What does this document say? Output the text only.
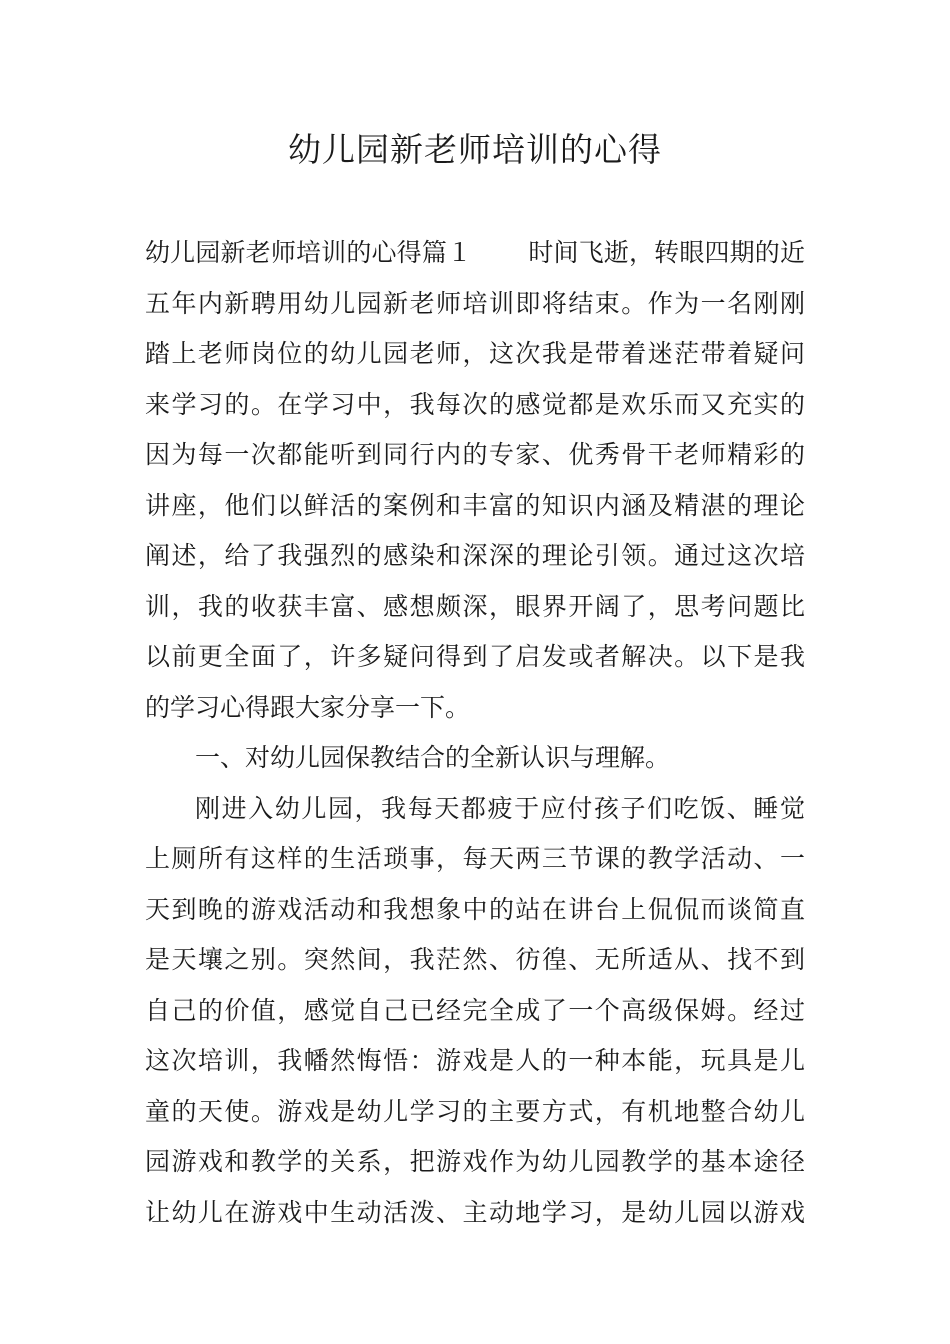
幼儿园新老师培训的心得
幼儿园新老师培训的心得篇１ 时间飞逝，转眼四期的近
五年内新聘用幼儿园新老师培训即将结束。作为一名刚刚
踏上老师岗位的幼儿园老师，这次我是带着迷茫带着疑问
来学习的。在学习中，我每次的感觉都是欢乐而又充实的
因为每一次都能听到同行内的专家、优秀骨干老师精彩的
讲座，他们以鲜活的案例和丰富的知识内涵及精湛的理论
阐述，给了我强烈的感染和深深的理论引领。通过这次培
训，我的收获丰富、感想颇深，眼界开阔了，思考问题比
以前更全面了，许多疑问得到了启发或者解决。以下是我
的学习心得跟大家分享一下。
一、对幼儿园保教结合的全新认识与理解。
刚进入幼儿园，我每天都疲于应付孩子们吃饭、睡觉
上厕所有这样的生活琐事，每天两三节课的教学活动、一
天到晚的游戏活动和我想象中的站在讲台上侃侃而谈简直
是天壤之别。突然间，我茫然、彷徨、无所适从、找不到
自己的价值，感觉自己已经完全成了一个高级保姆。经过
这次培训，我幡然悔悟：游戏是人的一种本能，玩具是儿
童的天使。游戏是幼儿学习的主要方式，有机地整合幼儿
园游戏和教学的关系，把游戏作为幼儿园教学的基本途径
让幼儿在游戏中生动活泼、主动地学习，是幼儿园以游戏
